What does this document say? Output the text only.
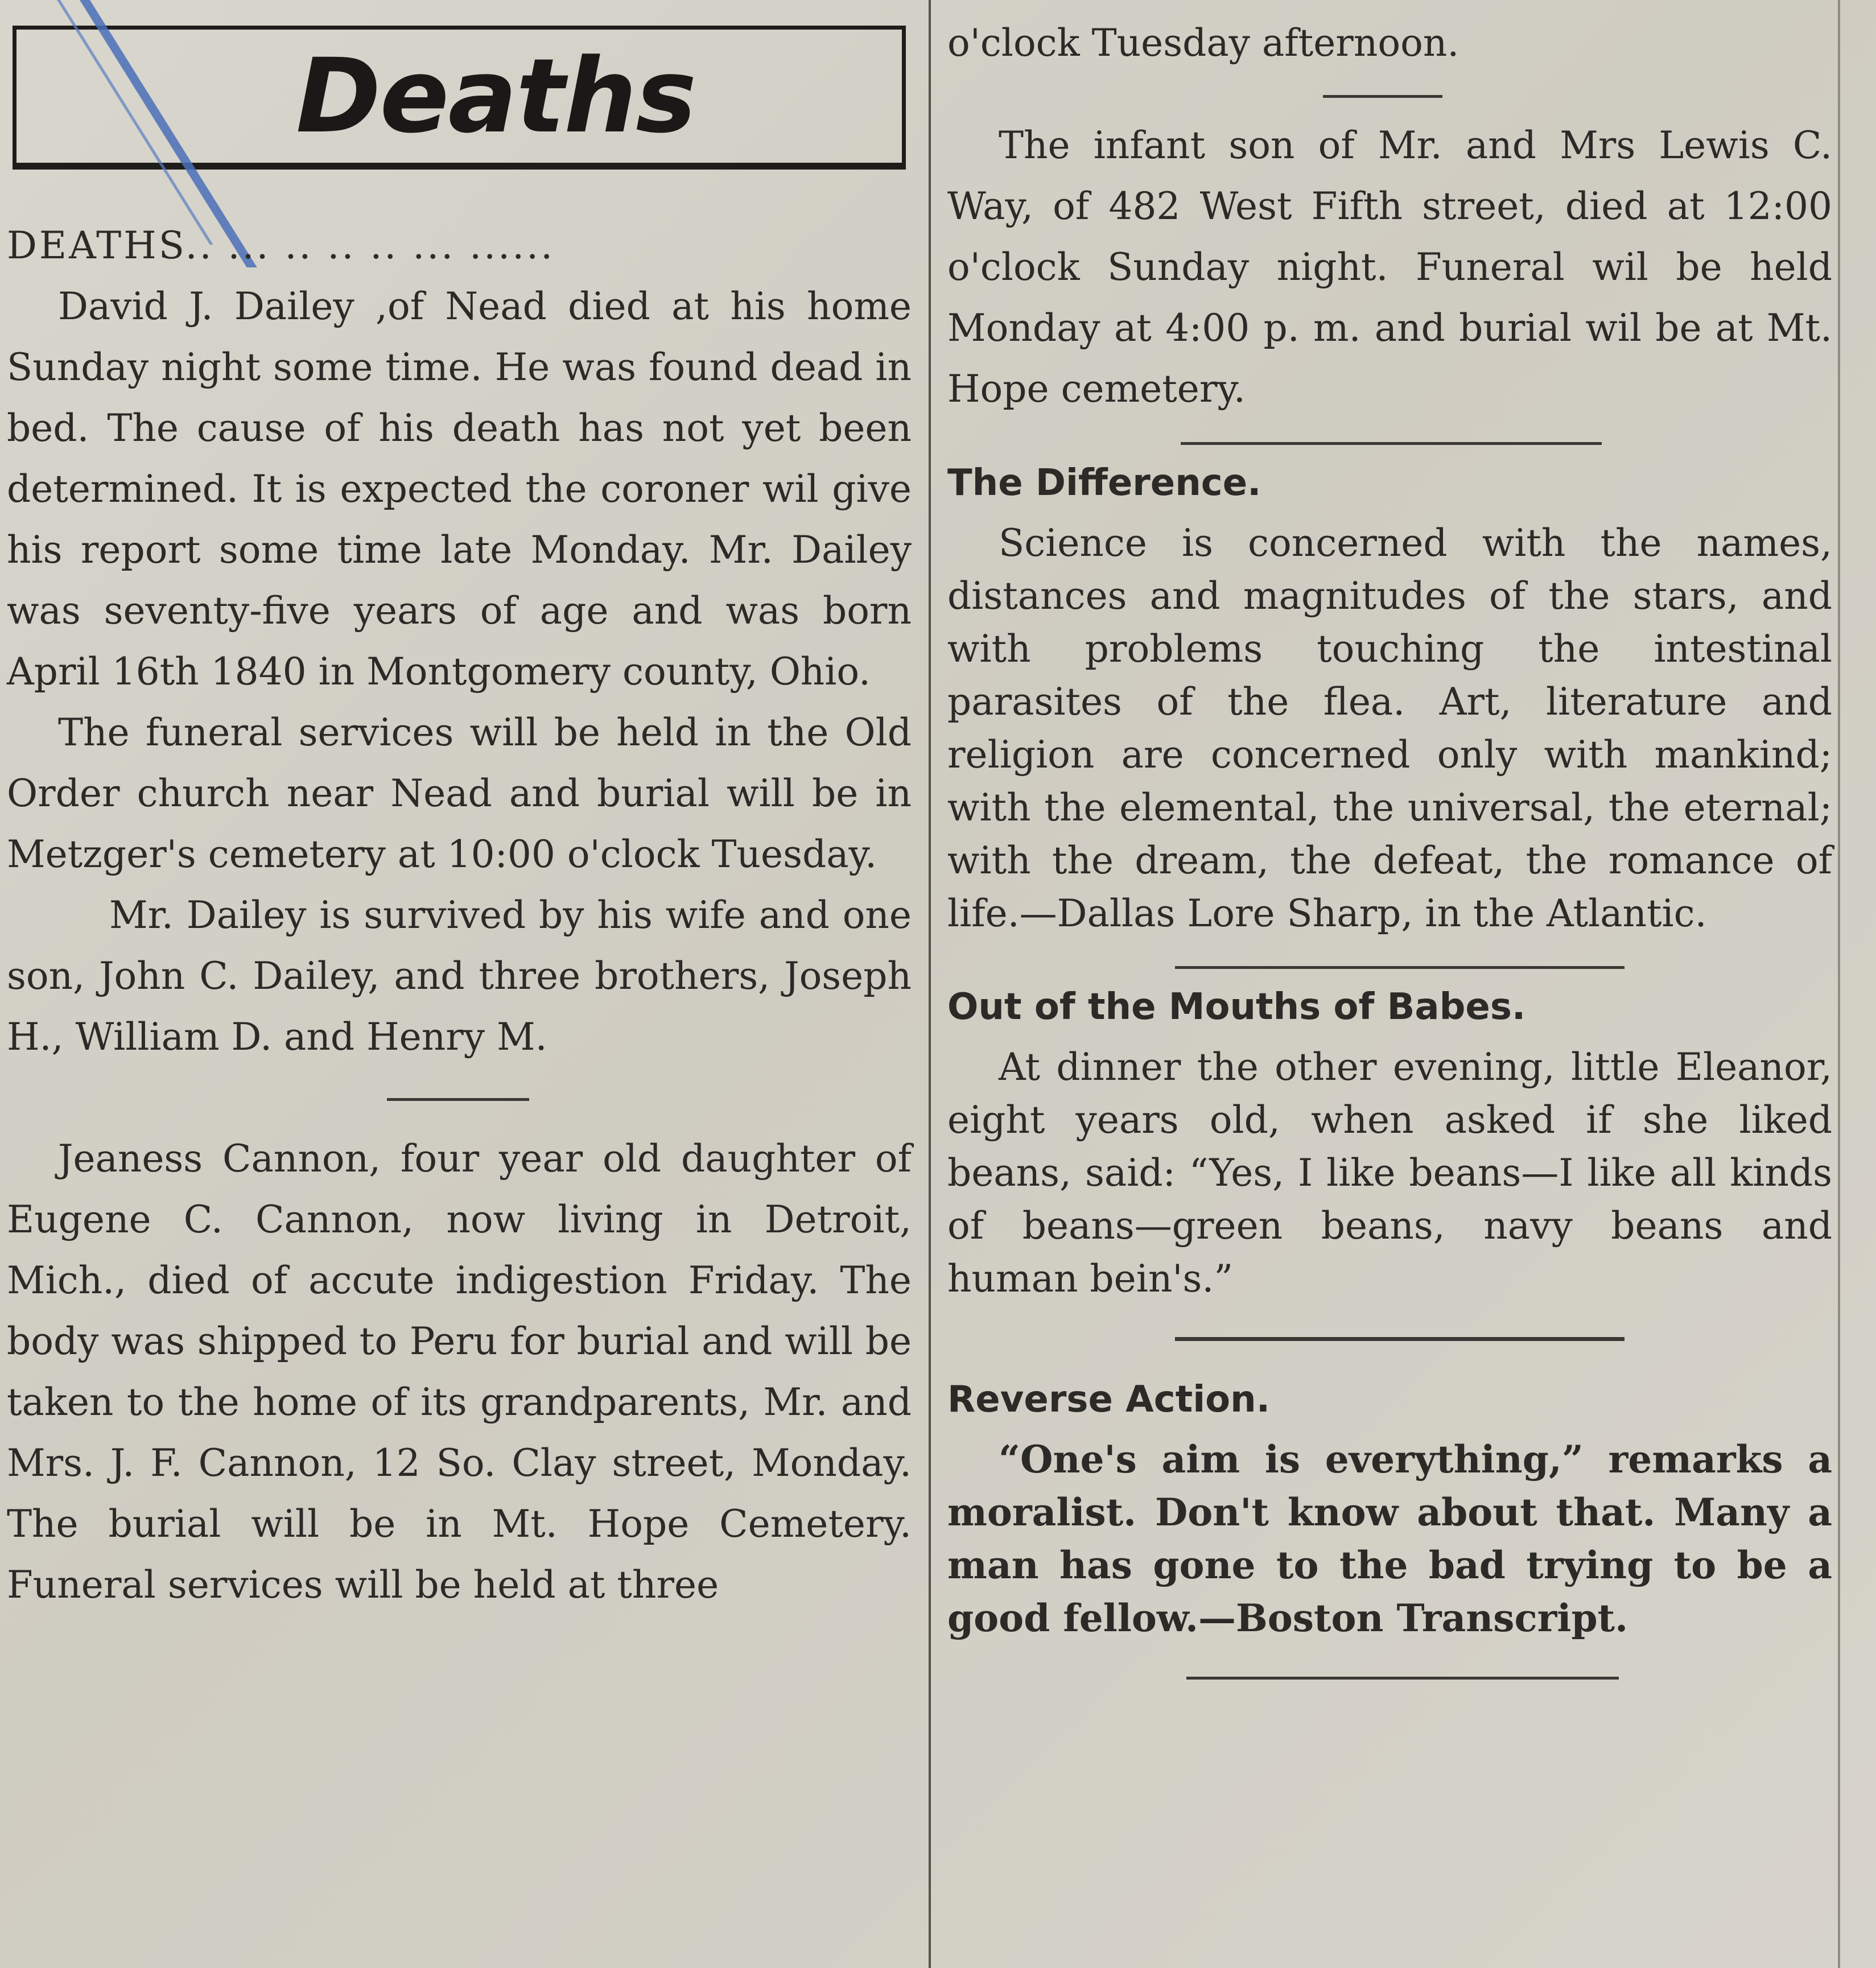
Deaths

DEATHS.. ... .. .. .. ... ......

David J. Dailey ,of Nead died at his home Sunday night some time. He was found dead in bed. The cause of his death has not yet been determined. It is expected the coroner wil give his report some time late Monday. Mr. Dailey was seventy-five years of age and was born April 16th 1840 in Montgomery county, Ohio.

The funeral services will be held in the Old Order church near Nead and burial will be in Metzger's cemetery at 10:00 o'clock Tuesday.

Mr. Dailey is survived by his wife and one son, John C. Dailey, and three brothers, Joseph H., William D. and Henry M.

Jeaness Cannon, four year old daughter of Eugene C. Cannon, now living in Detroit, Mich., died of accute indigestion Friday. The body was shipped to Peru for burial and will be taken to the home of its grandparents, Mr. and Mrs. J. F. Cannon, 12 So. Clay street, Monday. The burial will be in Mt. Hope Cemetery. Funeral services will be held at three

o'clock Tuesday afternoon.

The infant son of Mr. and Mrs Lewis C. Way, of 482 West Fifth street, died at 12:00 o'clock Sunday night. Funeral wil be held Monday at 4:00 p. m. and burial wil be at Mt. Hope cemetery.

The Difference.

Science is concerned with the names, distances and magnitudes of the stars, and with problems touching the intestinal parasites of the flea. Art, literature and religion are concerned only with mankind; with the elemental, the universal, the eternal; with the dream, the defeat, the romance of life.—Dallas Lore Sharp, in the Atlantic.

Out of the Mouths of Babes.

At dinner the other evening, little Eleanor, eight years old, when asked if she liked beans, said: “Yes, I like beans—I like all kinds of beans—green beans, navy beans and human bein's.”

Reverse Action.

“One's aim is everything,” remarks a moralist. Don't know about that. Many a man has gone to the bad trying to be a good fellow.—Boston Transcript.
